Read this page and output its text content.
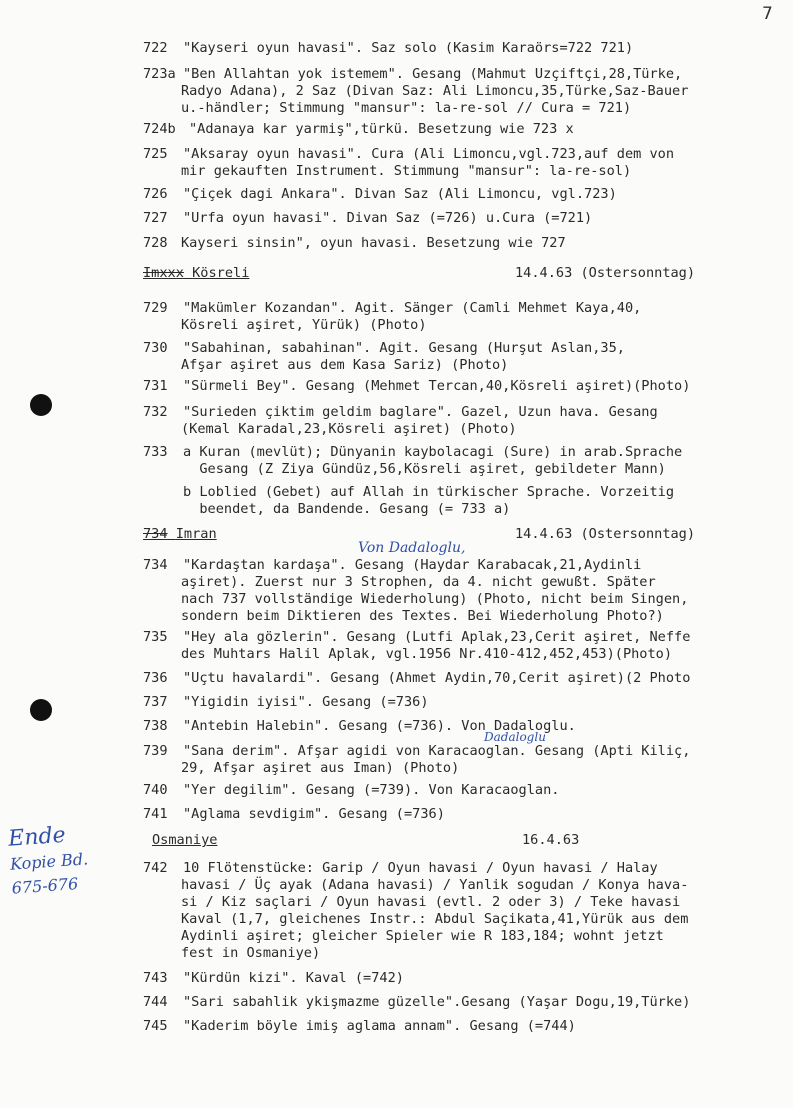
7
Ende
Kopie Bd.
675-676
Von Dadaloglu,
Dadaloglu

722

"Kayseri oyun havasi". Saz solo (Kasim Karaörs=722 721)

723a

"Ben Allahtan yok istemem". Gesang (Mahmut Uzçiftçi,28,Türke,

Radyo Adana), 2 Saz (Divan Saz: Ali Limoncu,35,Türke,Saz-Bauer

u.-händler; Stimmung "mansur": la-re-sol // Cura = 721)

724b

"Adanaya kar yarmiş",türkü. Besetzung wie 723 x

725

"Aksaray oyun havasi". Cura (Ali Limoncu,vgl.723,auf dem von

mir gekauften Instrument. Stimmung "mansur": la-re-sol)

726

"Çiçek dagi Ankara". Divan Saz (Ali Limoncu, vgl.723)

727

"Urfa oyun havasi". Divan Saz (=726) u.Cura (=721)

728

Kayseri sinsin", oyun havasi. Besetzung wie 727

Imxxx Kösreli

	14.4.63 (Ostersonntag)

729

"Makümler Kozandan". Agit. Sänger (Camli Mehmet Kaya,40,

Kösreli aşiret, Yürük) (Photo)

730

"Sabahinan, sabahinan". Agit. Gesang (Hurşut Aslan,35,

Afşar aşiret aus dem Kasa Sariz) (Photo)

731

"Sürmeli Bey". Gesang (Mehmet Tercan,40,Kösreli aşiret)(Photo)

732

"Surieden çiktim geldim baglare". Gazel, Uzun hava. Gesang

(Kemal Karadal,23,Kösreli aşiret) (Photo)

733

a Kuran (mevlüt); Dünyanin kaybolacagi (Sure) in arab.Sprache

Gesang (Z Ziya Gündüz,56,Kösreli aşiret, gebildeter Mann)

b Loblied (Gebet) auf Allah in türkischer Sprache. Vorzeitig

beendet, da Bandende. Gesang (= 733 a)

734 Imran

	14.4.63 (Ostersonntag)

734

"Kardaştan kardaşa". Gesang (Haydar Karabacak,21,Aydinli

aşiret). Zuerst nur 3 Strophen, da 4. nicht gewußt. Später

nach 737 vollständige Wiederholung) (Photo, nicht beim Singen,

sondern beim Diktieren des Textes. Bei Wiederholung Photo?)

735

"Hey ala gözlerin". Gesang (Lutfi Aplak,23,Cerit aşiret, Neffe

des Muhtars Halil Aplak, vgl.1956 Nr.410-412,452,453)(Photo)

736

"Uçtu havalardi". Gesang (Ahmet Aydin,70,Cerit aşiret)(2 Photo

737

"Yigidin iyisi". Gesang (=736)

738

"Antebin Halebin". Gesang (=736). Von Dadaloglu.

739

"Sana derim". Afşar agidi von Karacaoglan. Gesang (Apti Kiliç,

29, Afşar aşiret aus Iman) (Photo)

740

"Yer degilim". Gesang (=739). Von Karacaoglan.

741

"Aglama sevdigim". Gesang (=736)

Osmaniye

	16.4.63

742

10 Flötenstücke: Garip / Oyun havasi / Oyun havasi / Halay

havasi / Üç ayak (Adana havasi) / Yanlik sogudan / Konya hava-

si / Kiz saçlari / Oyun havasi (evtl. 2 oder 3) / Teke havasi

Kaval (1,7, gleichenes Instr.: Abdul Saçikata,41,Yürük aus dem

Aydinli aşiret; gleicher Spieler wie R 183,184; wohnt jetzt

fest in Osmaniye)

743

"Kürdün kizi". Kaval (=742)

744

"Sari sabahlik ykişmazme güzelle".Gesang (Yaşar Dogu,19,Türke)

745

"Kaderim böyle imiş aglama annam". Gesang (=744)
